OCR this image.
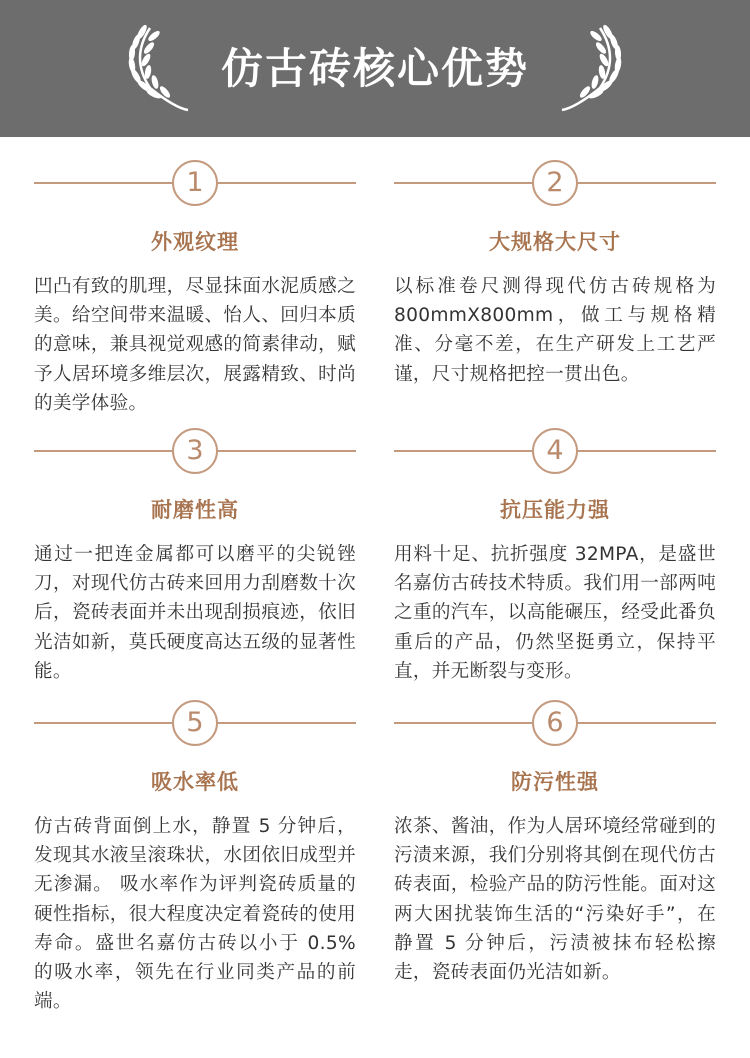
仿古砖核心优势
1
外观纹理
凹凸有致的肌理，尽显抹面水泥质感之美。给空间带来温暖、怡人、回归本质的意味，兼具视觉观感的简素律动，赋予人居环境多维层次，展露精致、时尚的美学体验。
2
大规格大尺寸
以标准卷尺测得现代仿古砖规格为800mmX800mm，做工与规格精准、分毫不差，在生产研发上工艺严谨，尺寸规格把控一贯出色。
3
耐磨性高
通过一把连金属都可以磨平的尖锐锉刀，对现代仿古砖来回用力刮磨数十次后，瓷砖表面并未出现刮损痕迹，依旧光洁如新，莫氏硬度高达五级的显著性能。
4
抗压能力强
用料十足、抗折强度 32MPA，是盛世名嘉仿古砖技术特质。我们用一部两吨之重的汽车，以高能碾压，经受此番负重后的产品，仍然坚挺勇立，保持平直，并无断裂与变形。
5
吸水率低
仿古砖背面倒上水，静置 5 分钟后，发现其水液呈滚珠状，水团依旧成型并无渗漏。 吸水率作为评判瓷砖质量的硬性指标，很大程度决定着瓷砖的使用寿命。盛世名嘉仿古砖以小于 0.5% 的吸水率，领先在行业同类产品的前端。
6
防污性强
浓茶、酱油，作为人居环境经常碰到的污渍来源，我们分别将其倒在现代仿古砖表面，检验产品的防污性能。面对这两大困扰装饰生活的“污染好手”，在静置 5 分钟后，污渍被抹布轻松擦走，瓷砖表面仍光洁如新。
